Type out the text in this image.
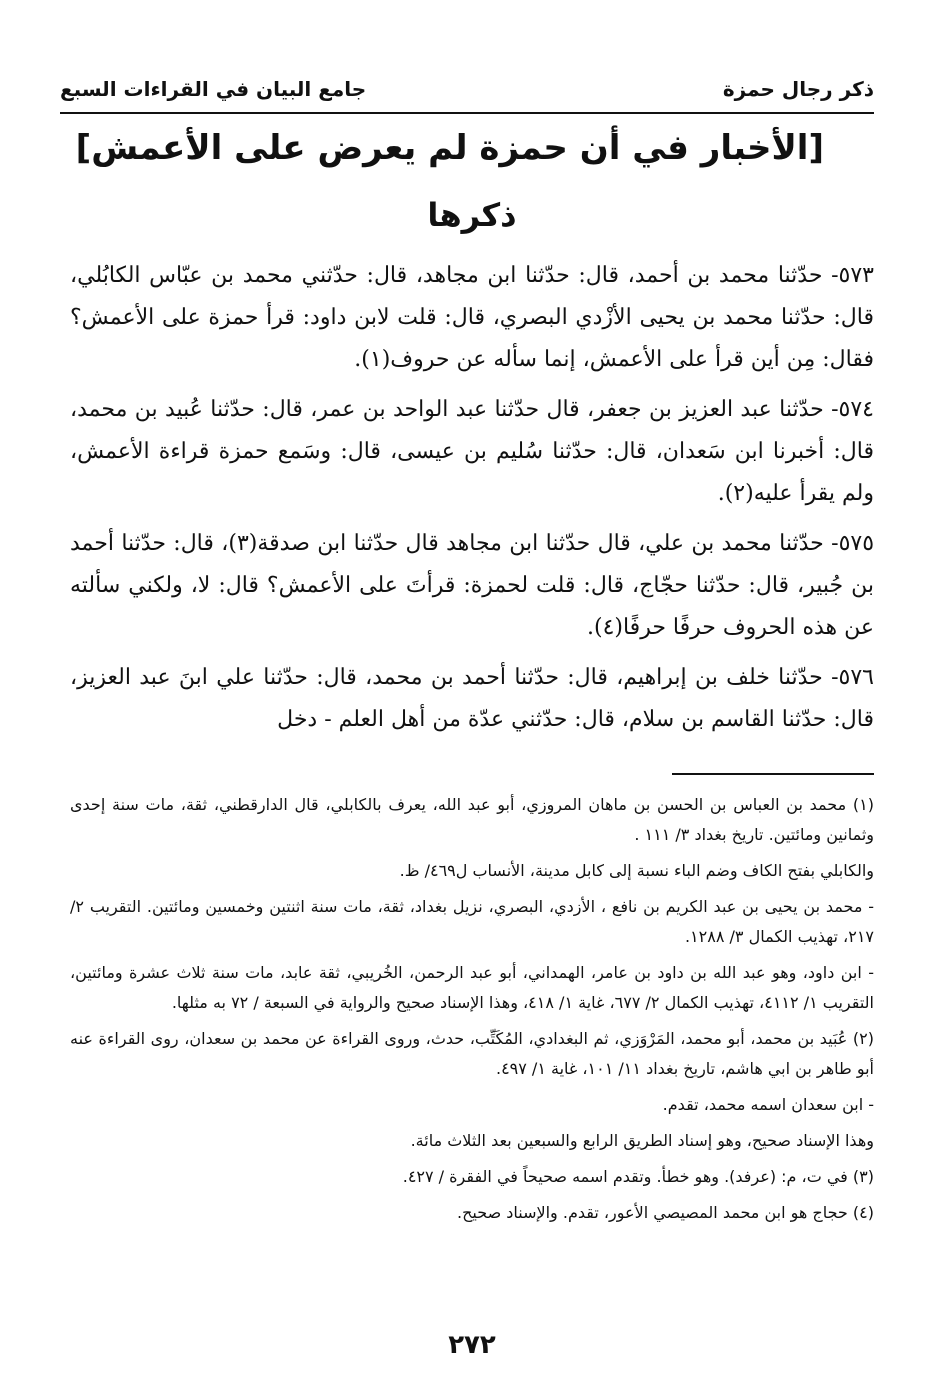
ذكر رجال حمزة
جامع البيان في القراءات السبع
[الأخبار في أن حمزة لم يعرض على الأعمش]
ذكرها

٥٧٣- حدّثنا محمد بن أحمد، قال: حدّثنا ابن مجاهد، قال: حدّثني محمد بن عبّاس الكابُلي، قال: حدّثنا محمد بن يحيى الأزْدي البصري، قال: قلت لابن داود: قرأ حمزة على الأعمش؟ فقال: مِن أين قرأ على الأعمش، إنما سأله عن حروف(١).

٥٧٤- حدّثنا عبد العزيز بن جعفر، قال حدّثنا عبد الواحد بن عمر، قال: حدّثنا عُبيد بن محمد، قال: أخبرنا ابن سَعدان، قال: حدّثنا سُليم بن عيسى، قال: وسَمع حمزة قراءة الأعمش، ولم يقرأ عليه(٢).

٥٧٥- حدّثنا محمد بن علي، قال حدّثنا ابن مجاهد قال حدّثنا ابن صدقة(٣)، قال: حدّثنا أحمد بن جُبير، قال: حدّثنا حجّاج، قال: قلت لحمزة: قرأتَ على الأعمش؟ قال: لا، ولكني سألته عن هذه الحروف حرفًا حرفًا(٤).

٥٧٦- حدّثنا خلف بن إبراهيم، قال: حدّثنا أحمد بن محمد، قال: حدّثنا علي ابنَ عبد العزيز، قال: حدّثنا القاسم بن سلام، قال: حدّثني عدّة من أهل العلم - دخل

(١) محمد بن العباس بن الحسن بن ماهان المروزي، أبو عبد الله، يعرف بالكابلي، قال الدارقطني، ثقة، مات سنة إحدى وثمانين ومائتين. تاريخ بغداد ٣/ ١١١ .

والكابلي بفتح الكاف وضم الباء نسبة إلى كابل مدينة، الأنساب ل٤٦٩/ ظ.

- محمد بن يحيى بن عبد الكريم بن نافع ، الأزدي، البصري، نزيل بغداد، ثقة، مات سنة اثنتين وخمسين ومائتين. التقريب ٢/ ٢١٧، تهذيب الكمال ٣/ ١٢٨٨.

- ابن داود، وهو عبد الله بن داود بن عامر، الهمداني، أبو عبد الرحمن، الخُريبي، ثقة عابد، مات سنة ثلاث عشرة ومائتين، التقريب ١/ ٤١١٢، تهذيب الكمال ٢/ ٦٧٧، غاية ١/ ٤١٨، وهذا الإسناد صحيح والرواية في السبعة / ٧٢ به مثلها.

(٢) عُبَيد بن محمد، أبو محمد، المَرْوَزي، ثم البغدادي، المُكَتِّب، حدث، وروى القراءة عن محمد بن سعدان، روى القراءة عنه أبو طاهر بن ابي هاشم، تاريخ بغداد ١١/ ١٠١، غاية ١/ ٤٩٧.

- ابن سعدان اسمه محمد، تقدم.

وهذا الإسناد صحيح، وهو إسناد الطريق الرابع والسبعين بعد الثلاث مائة.

(٣) في ت، م: (عرفد). وهو خطأ. وتقدم اسمه صحيحاً في الفقرة / ٤٢٧.

(٤) حجاج هو ابن محمد المصيصي الأعور، تقدم. والإسناد صحيح.

٢٧٢
